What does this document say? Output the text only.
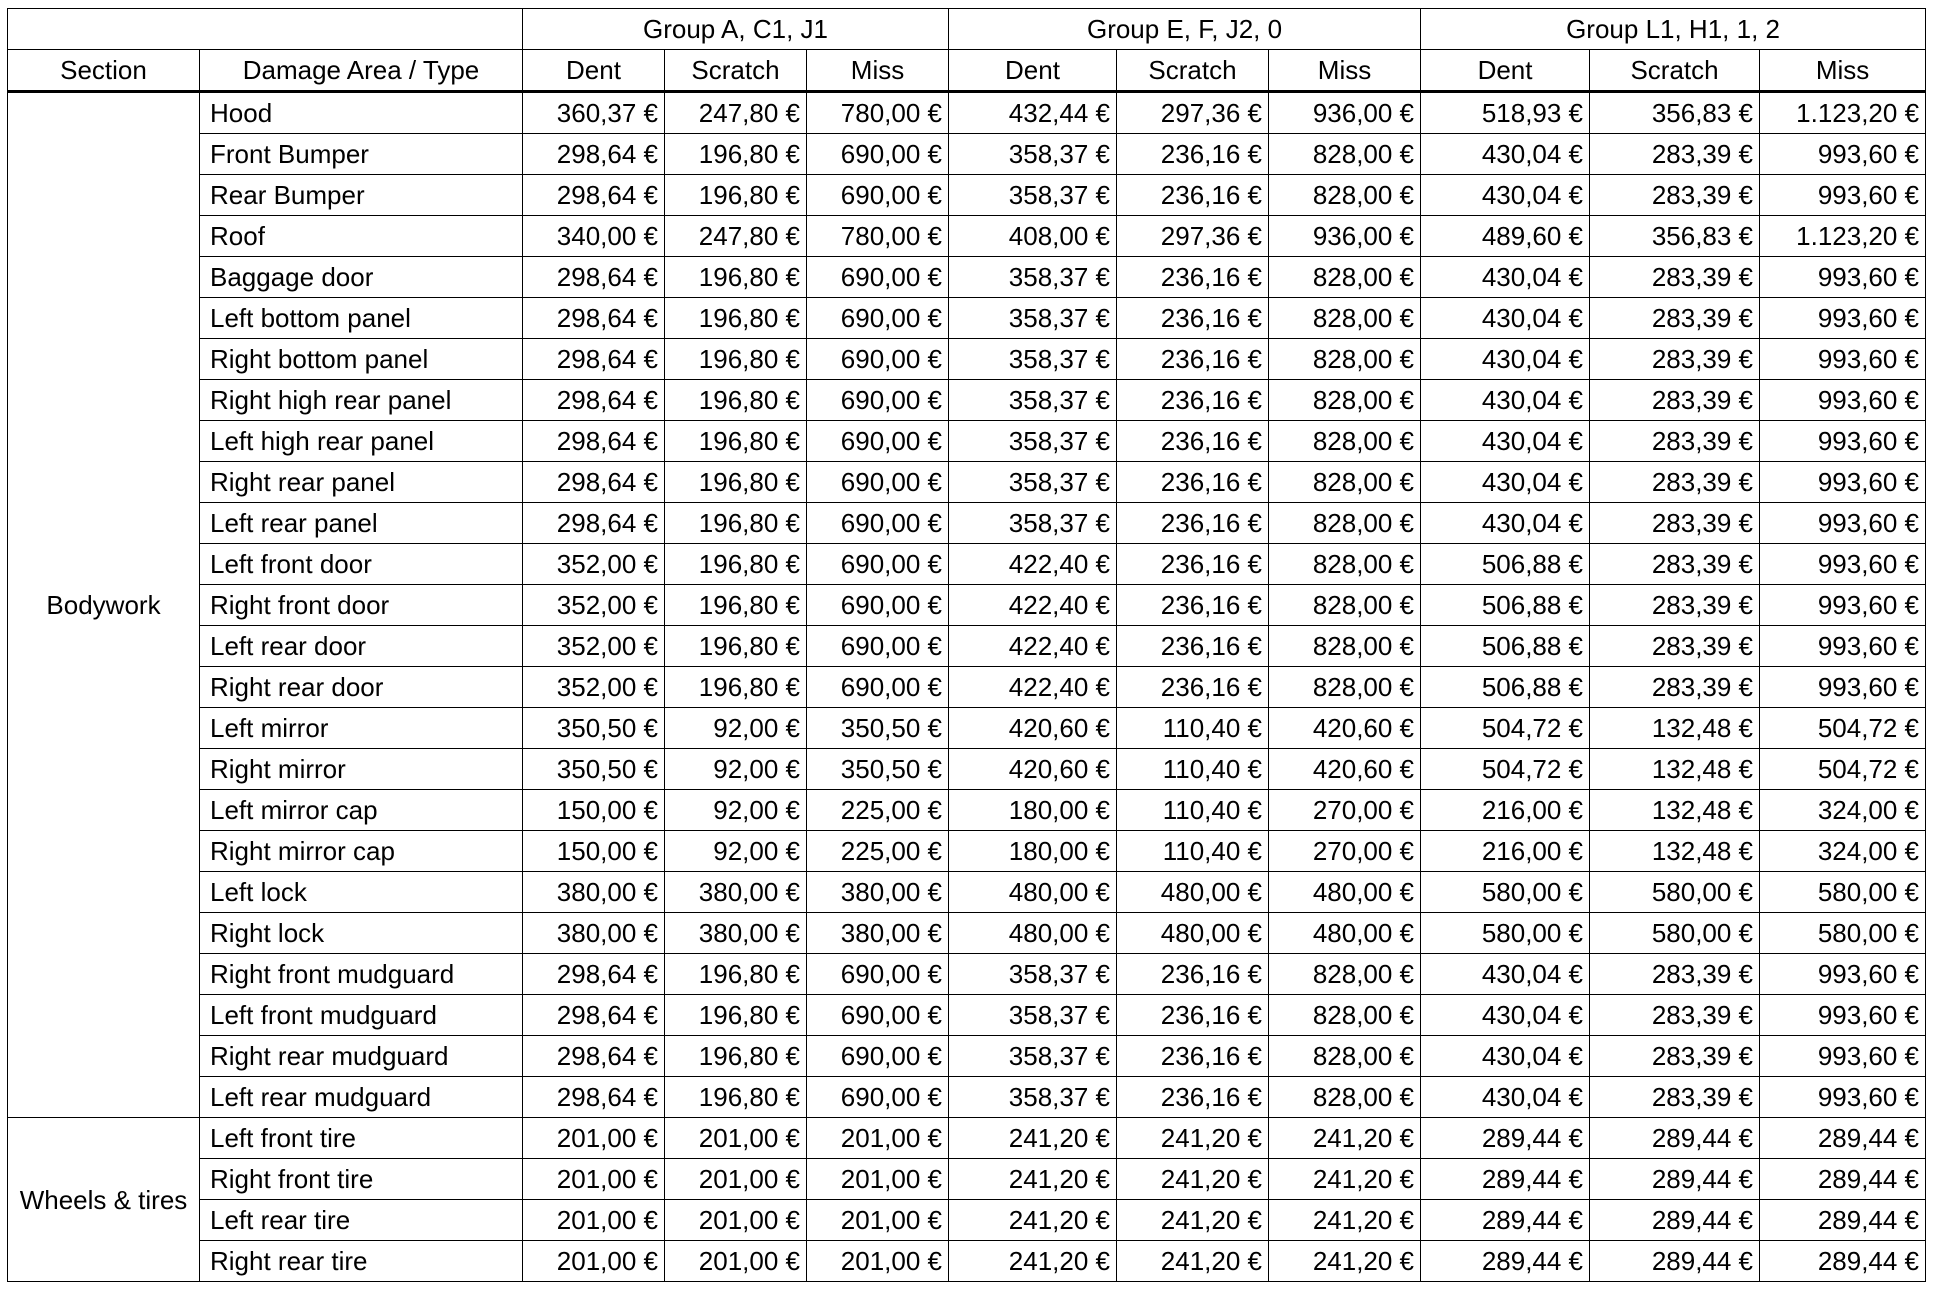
		Group A, C1, J1			Group E, F, J2, 0			Group L1, H1, 1, 2		
Section	Damage Area / Type	Dent	Scratch	Miss	Dent	Scratch	Miss	Dent	Scratch	Miss
Bodywork	Hood	360,37 €	247,80 €	780,00 €	432,44 €	297,36 €	936,00 €	518,93 €	356,83 €	1.123,20 €
	Front Bumper	298,64 €	196,80 €	690,00 €	358,37 €	236,16 €	828,00 €	430,04 €	283,39 €	993,60 €
	Rear Bumper	298,64 €	196,80 €	690,00 €	358,37 €	236,16 €	828,00 €	430,04 €	283,39 €	993,60 €
	Roof	340,00 €	247,80 €	780,00 €	408,00 €	297,36 €	936,00 €	489,60 €	356,83 €	1.123,20 €
	Baggage door	298,64 €	196,80 €	690,00 €	358,37 €	236,16 €	828,00 €	430,04 €	283,39 €	993,60 €
	Left bottom panel	298,64 €	196,80 €	690,00 €	358,37 €	236,16 €	828,00 €	430,04 €	283,39 €	993,60 €
	Right bottom panel	298,64 €	196,80 €	690,00 €	358,37 €	236,16 €	828,00 €	430,04 €	283,39 €	993,60 €
	Right high rear panel	298,64 €	196,80 €	690,00 €	358,37 €	236,16 €	828,00 €	430,04 €	283,39 €	993,60 €
	Left high rear panel	298,64 €	196,80 €	690,00 €	358,37 €	236,16 €	828,00 €	430,04 €	283,39 €	993,60 €
	Right rear panel	298,64 €	196,80 €	690,00 €	358,37 €	236,16 €	828,00 €	430,04 €	283,39 €	993,60 €
	Left rear panel	298,64 €	196,80 €	690,00 €	358,37 €	236,16 €	828,00 €	430,04 €	283,39 €	993,60 €
	Left front door	352,00 €	196,80 €	690,00 €	422,40 €	236,16 €	828,00 €	506,88 €	283,39 €	993,60 €
	Right front door	352,00 €	196,80 €	690,00 €	422,40 €	236,16 €	828,00 €	506,88 €	283,39 €	993,60 €
	Left rear door	352,00 €	196,80 €	690,00 €	422,40 €	236,16 €	828,00 €	506,88 €	283,39 €	993,60 €
	Right rear door	352,00 €	196,80 €	690,00 €	422,40 €	236,16 €	828,00 €	506,88 €	283,39 €	993,60 €
	Left mirror	350,50 €	92,00 €	350,50 €	420,60 €	110,40 €	420,60 €	504,72 €	132,48 €	504,72 €
	Right mirror	350,50 €	92,00 €	350,50 €	420,60 €	110,40 €	420,60 €	504,72 €	132,48 €	504,72 €
	Left mirror cap	150,00 €	92,00 €	225,00 €	180,00 €	110,40 €	270,00 €	216,00 €	132,48 €	324,00 €
	Right mirror cap	150,00 €	92,00 €	225,00 €	180,00 €	110,40 €	270,00 €	216,00 €	132,48 €	324,00 €
	Left lock	380,00 €	380,00 €	380,00 €	480,00 €	480,00 €	480,00 €	580,00 €	580,00 €	580,00 €
	Right lock	380,00 €	380,00 €	380,00 €	480,00 €	480,00 €	480,00 €	580,00 €	580,00 €	580,00 €
	Right front mudguard	298,64 €	196,80 €	690,00 €	358,37 €	236,16 €	828,00 €	430,04 €	283,39 €	993,60 €
	Left front mudguard	298,64 €	196,80 €	690,00 €	358,37 €	236,16 €	828,00 €	430,04 €	283,39 €	993,60 €
	Right rear mudguard	298,64 €	196,80 €	690,00 €	358,37 €	236,16 €	828,00 €	430,04 €	283,39 €	993,60 €
	Left rear mudguard	298,64 €	196,80 €	690,00 €	358,37 €	236,16 €	828,00 €	430,04 €	283,39 €	993,60 €
Wheels & tires	Left front tire	201,00 €	201,00 €	201,00 €	241,20 €	241,20 €	241,20 €	289,44 €	289,44 €	289,44 €
	Right front tire	201,00 €	201,00 €	201,00 €	241,20 €	241,20 €	241,20 €	289,44 €	289,44 €	289,44 €
	Left rear tire	201,00 €	201,00 €	201,00 €	241,20 €	241,20 €	241,20 €	289,44 €	289,44 €	289,44 €
	Right rear tire	201,00 €	201,00 €	201,00 €	241,20 €	241,20 €	241,20 €	289,44 €	289,44 €	289,44 €
